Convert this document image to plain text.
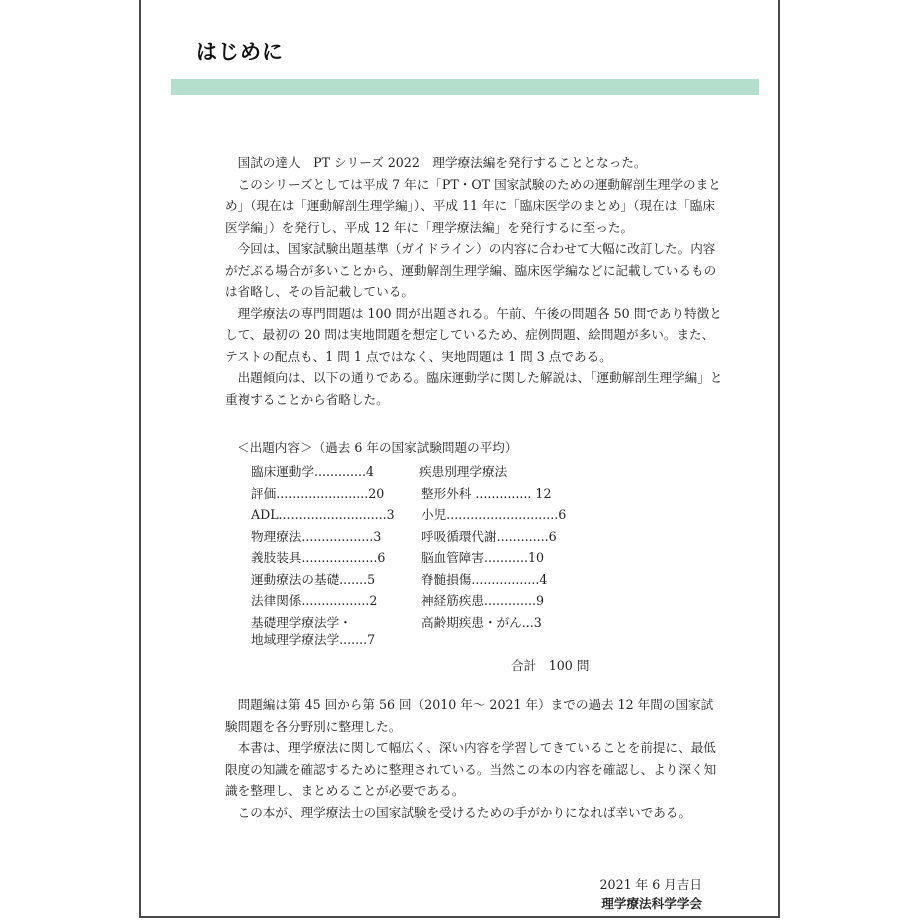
はじめに
　国試の達人　PT シリーズ 2022　理学療法編を発行することとなった。
　このシリーズとしては平成 7 年に「PT・OT 国家試験のための運動解剖生理学のまとめ」（現在は「運動解剖生理学編」）、平成 11 年に「臨床医学のまとめ」（現在は「臨床医学編」）を発行し、平成 12 年に「理学療法編」を発行するに至った。
　今回は、国家試験出題基準（ガイドライン）の内容に合わせて大幅に改訂した。内容がだぶる場合が多いことから、運動解剖生理学編、臨床医学編などに記載しているものは省略し、その旨記載している。
　理学療法の専門問題は 100 問が出題される。午前、午後の問題各 50 問であり特徴として、最初の 20 問は実地問題を想定しているため、症例問題、絵問題が多い。また、テストの配点も、1 問 1 点ではなく、実地問題は 1 問 3 点である。
　出題傾向は、以下の通りである。臨床運動学に関した解説は、「運動解剖生理学編」と重複することから省略した。
＜出題内容＞（過去 6 年の国家試験問題の平均）
臨床運動学.............4
評価.......................20
ADL...........................3
物理療法..................3
義肢装具...................6
運動療法の基礎.......5
法律関係.................2
基礎理学療法学・
地域理学療法学.......7
疾患別理学療法
整形外科 .............. 12
小児............................6
呼吸循環代謝.............6
脳血管障害...........10
脊髄損傷.................4
神経筋疾患.............9
高齢期疾患・がん...3
合計　100 問
　問題編は第 45 回から第 56 回（2010 年～ 2021 年）までの過去 12 年間の国家試験問題を各分野別に整理した。
　本書は、理学療法に関して幅広く、深い内容を学習してきていることを前提に、最低限度の知識を確認するために整理されている。当然この本の内容を確認し、より深く知識を整理し、まとめることが必要である。
　この本が、理学療法士の国家試験を受けるための手がかりになれば幸いである。
2021 年 6 月吉日
理学療法科学学会
